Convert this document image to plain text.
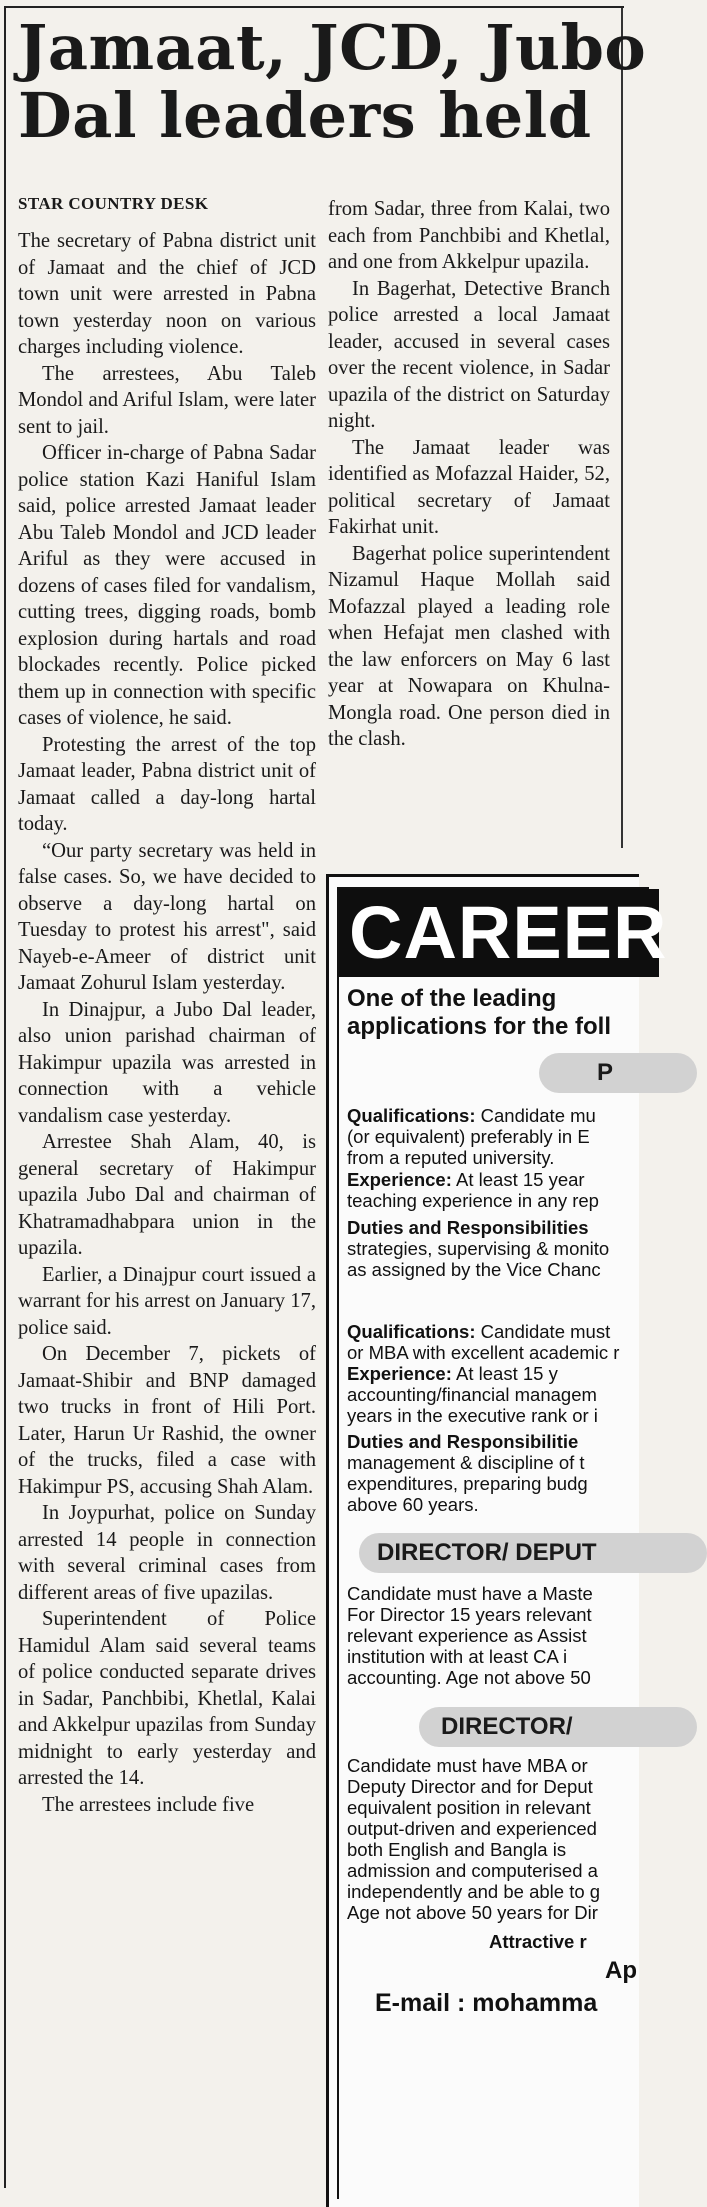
Jamaat, JCD, Jubo
Dal leaders held
STAR COUNTRY DESK

The secretary of Pabna district unit of Jamaat and the chief of JCD town unit were arrested in Pabna town yesterday noon on various charges including violence.

The arrestees, Abu Taleb Mondol and Ariful Islam, were later sent to jail.

Officer in-charge of Pabna Sadar police station Kazi Haniful Islam said, police arrested Jamaat leader Abu Taleb Mondol and JCD leader Ariful as they were accused in dozens of cases filed for vandalism, cutting trees, digging roads, bomb explosion during hartals and road blockades recently. Police picked them up in connection with specific cases of violence, he said.

Protesting the arrest of the top Jamaat leader, Pabna district unit of Jamaat called a day-long hartal today.

“Our party secretary was held in false cases. So, we have decided to observe a day-long hartal on Tuesday to protest his arrest", said Nayeb-e-Ameer of district unit Jamaat Zohurul Islam yesterday.

In Dinajpur, a Jubo Dal leader, also union parishad chairman of Hakimpur upazila was arrested in connection with a vehicle vandalism case yesterday.

Arrestee Shah Alam, 40, is general secretary of Hakimpur upazila Jubo Dal and chairman of Khatramadhabpara union in the upazila.

Earlier, a Dinajpur court issued a warrant for his arrest on January 17, police said.

On December 7, pickets of Jamaat-Shibir and BNP damaged two trucks in front of Hili Port. Later, Harun Ur Rashid, the owner of the trucks, filed a case with Hakimpur PS, accusing Shah Alam.

In Joypurhat, police on Sunday arrested 14 people in connection with several criminal cases from different areas of five upazilas.

Superintendent of Police Hamidul Alam said several teams of police conducted separate drives in Sadar, Panchbibi, Khetlal, Kalai and Akkelpur upazilas from Sunday midnight to early yesterday and arrested the 14.

The arrestees include five

from Sadar, three from Kalai, two each from Panchbibi and Khetlal, and one from Akkelpur upazila.

In Bagerhat, Detective Branch police arrested a local Jamaat leader, accused in several cases over the recent violence, in Sadar upazila of the district on Saturday night.

The Jamaat leader was identified as Mofazzal Haider, 52, political secretary of Jamaat Fakirhat unit.

Bagerhat police superintendent Nizamul Haque Mollah said Mofazzal played a leading role when Hefajat men clashed with the law enforcers on May 6 last year at Nowapara on Khulna-Mongla road. One person died in the clash.

CAREER
One of the leading
applications for the foll
P
Qualifications: Candidate mu
(or equivalent) preferably in E
from a reputed university.
Experience: At least 15 year
teaching experience in any rep
Duties and Responsibilities
strategies, supervising & monito
as assigned by the Vice Chanc
Qualifications: Candidate must
or MBA with excellent academic r
Experience: At least 15 y
accounting/financial managem
years in the executive rank or i
Duties and Responsibilitie
management & discipline of t
expenditures, preparing budg
above 60 years.
DIRECTOR/ DEPUT
Candidate must have a Maste
For Director 15 years relevant
relevant experience as Assist
institution with at least CA i
accounting. Age not above 50
DIRECTOR/
Candidate must have MBA or
Deputy Director and for Deput
equivalent position in relevant
output-driven and experienced
both English and Bangla is
admission and computerised a
independently and be able to g
Age not above 50 years for Dir
Attractive r
Ap
E-mail : mohamma
